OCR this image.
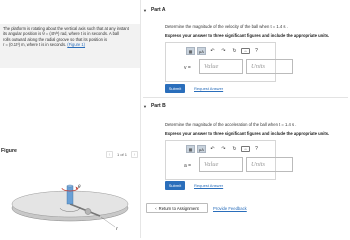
The platform is rotating about the vertical axis such that at any instant
its angular position is θ = (4t³/²) rad, where t is in seconds. A ball
rolls outward along the radial groove so that its position is
r = (0.1t³) m, where t is in seconds. (Figure 1)
Figure
‹	1 of 1	›
θ
r
▼ Part A
Determine the magnitude of the velocity of the ball when t = 1.4 s .
Express your answer to three significant figures and include the appropriate units.
▦	μA	↶	↷	↻	▭	?
v =	Value	Units
Submit	Request Answer
▼ Part B
Determine the magnitude of the acceleration of the ball when t = 1.4 s .
Express your answer to three significant figures and include the appropriate units.
▦	μA	↶	↷	↻	▭	?
a =	Value	Units
Submit	Request Answer
‹ Return to Assignment	Provide Feedback
